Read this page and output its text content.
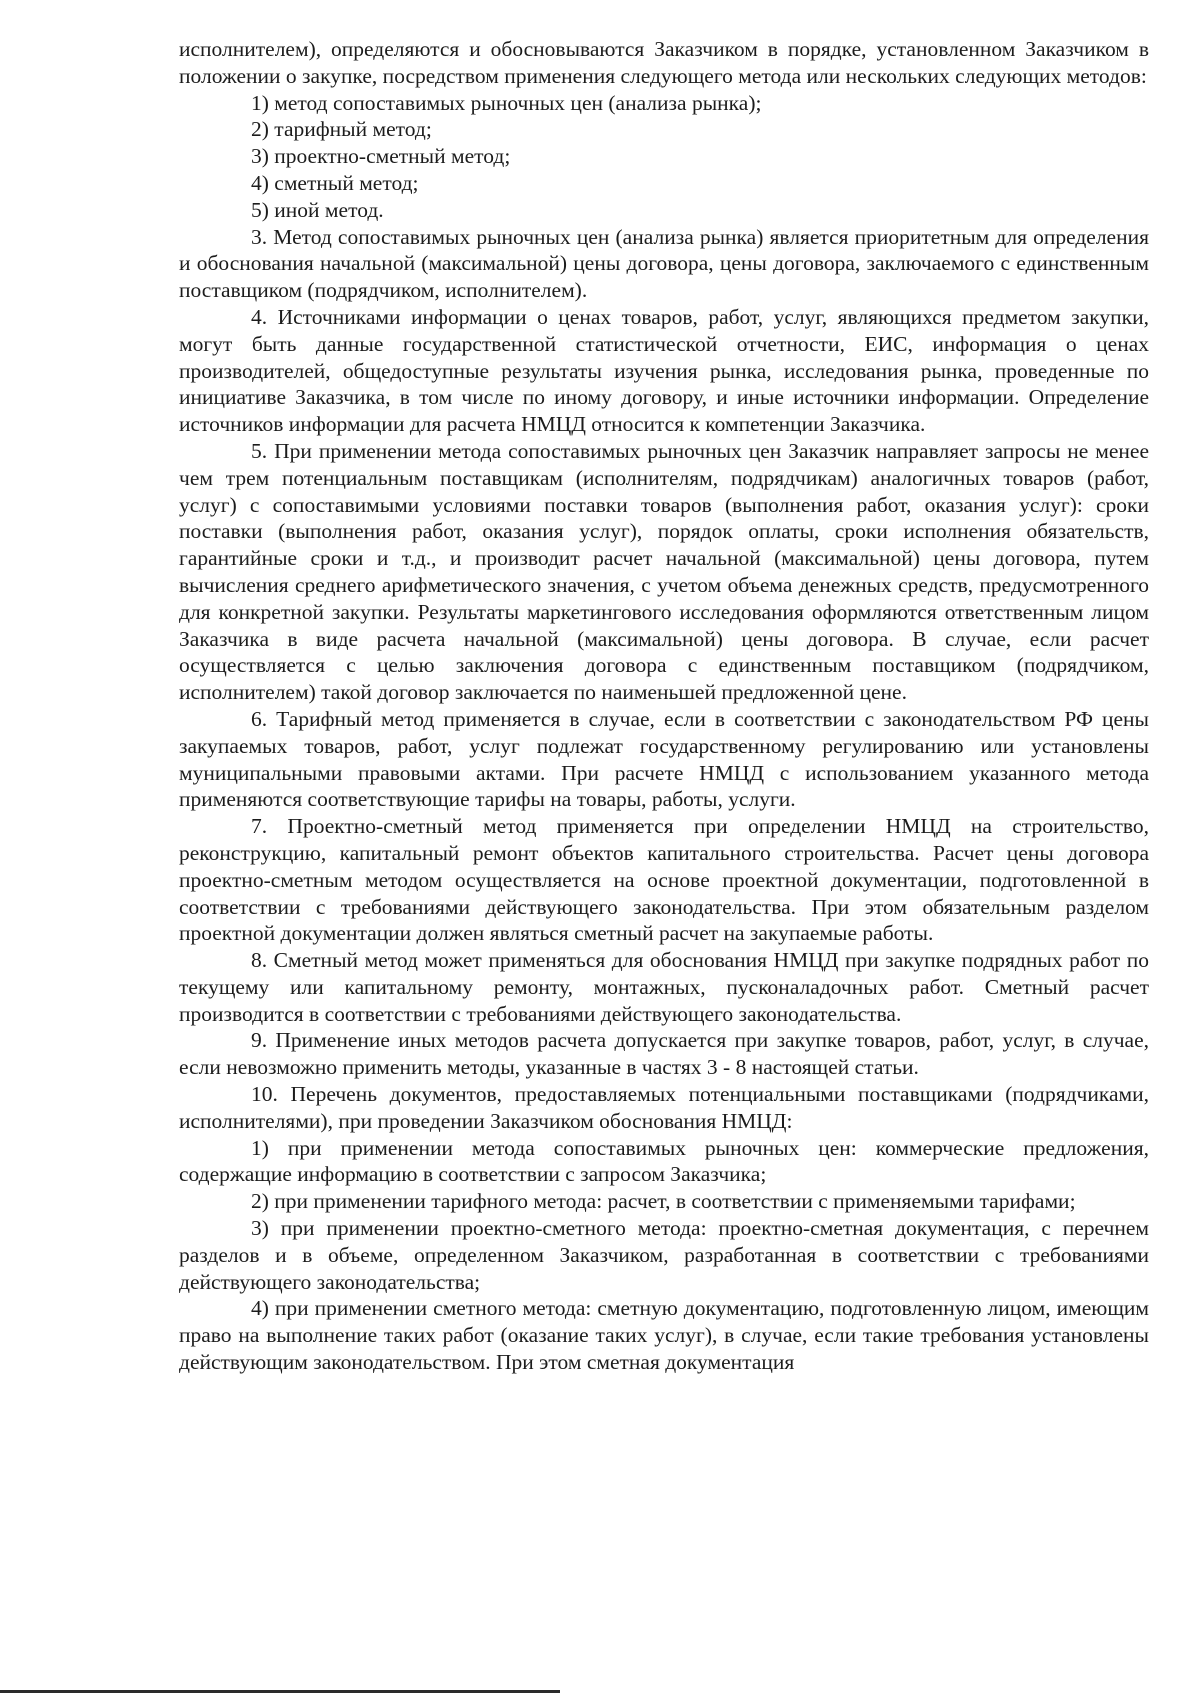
исполнителем), определяются и обосновываются Заказчиком в порядке, установленном Заказчиком в положении о закупке, посредством применения следующего метода или нескольких следующих методов:

1) метод сопоставимых рыночных цен (анализа рынка);

2) тарифный метод;

3) проектно-сметный метод;

4) сметный метод;

5) иной метод.

3. Метод сопоставимых рыночных цен (анализа рынка) является приоритетным для определения и обоснования начальной (максимальной) цены договора, цены договора, заключаемого с единственным поставщиком (подрядчиком, исполнителем).

4. Источниками информации о ценах товаров, работ, услуг, являющихся предметом закупки, могут быть данные государственной статистической отчетности, ЕИС, информация о ценах производителей, общедоступные результаты изучения рынка, исследования рынка, проведенные по инициативе Заказчика, в том числе по иному договору, и иные источники информации. Определение источников информации для расчета НМЦД относится к компетенции Заказчика.

5. При применении метода сопоставимых рыночных цен Заказчик направляет запросы не менее чем трем потенциальным поставщикам (исполнителям, подрядчикам) аналогичных товаров (работ, услуг) с сопоставимыми условиями поставки товаров (выполнения работ, оказания услуг): сроки поставки (выполнения работ, оказания услуг), порядок оплаты, сроки исполнения обязательств, гарантийные сроки и т.д., и производит расчет начальной (максимальной) цены договора, путем вычисления среднего арифметического значения, с учетом объема денежных средств, предусмотренного для конкретной закупки. Результаты маркетингового исследования оформляются ответственным лицом Заказчика в виде расчета начальной (максимальной) цены договора. В случае, если расчет осуществляется с целью заключения договора с единственным поставщиком (подрядчиком, исполнителем) такой договор заключается по наименьшей предложенной цене.

6. Тарифный метод применяется в случае, если в соответствии с законодательством РФ цены закупаемых товаров, работ, услуг подлежат государственному регулированию или установлены муниципальными правовыми актами. При расчете НМЦД с использованием указанного метода применяются соответствующие тарифы на товары, работы, услуги.

7. Проектно-сметный метод применяется при определении НМЦД на строительство, реконструкцию, капитальный ремонт объектов капитального строительства. Расчет цены договора проектно-сметным методом осуществляется на основе проектной документации, подготовленной в соответствии с требованиями действующего законодательства. При этом обязательным разделом проектной документации должен являться сметный расчет на закупаемые работы.

8. Сметный метод может применяться для обоснования НМЦД при закупке подрядных работ по текущему или капитальному ремонту, монтажных, пусконаладочных работ. Сметный расчет производится в соответствии с требованиями действующего законодательства.

9. Применение иных методов расчета допускается при закупке товаров, работ, услуг, в случае, если невозможно применить методы, указанные в частях 3 - 8 настоящей статьи.

10. Перечень документов, предоставляемых потенциальными поставщиками (подрядчиками, исполнителями), при проведении Заказчиком обоснования НМЦД:

1) при применении метода сопоставимых рыночных цен: коммерческие предложения, содержащие информацию в соответствии с запросом Заказчика;

2) при применении тарифного метода: расчет, в соответствии с применяемыми тарифами;

3) при применении проектно-сметного метода: проектно-сметная документация, с перечнем разделов и в объеме, определенном Заказчиком, разработанная в соответствии с требованиями действующего законодательства;

4) при применении сметного метода: сметную документацию, подготовленную лицом, имеющим право на выполнение таких работ (оказание таких услуг), в случае, если такие требования установлены действующим законодательством. При этом сметная документация
